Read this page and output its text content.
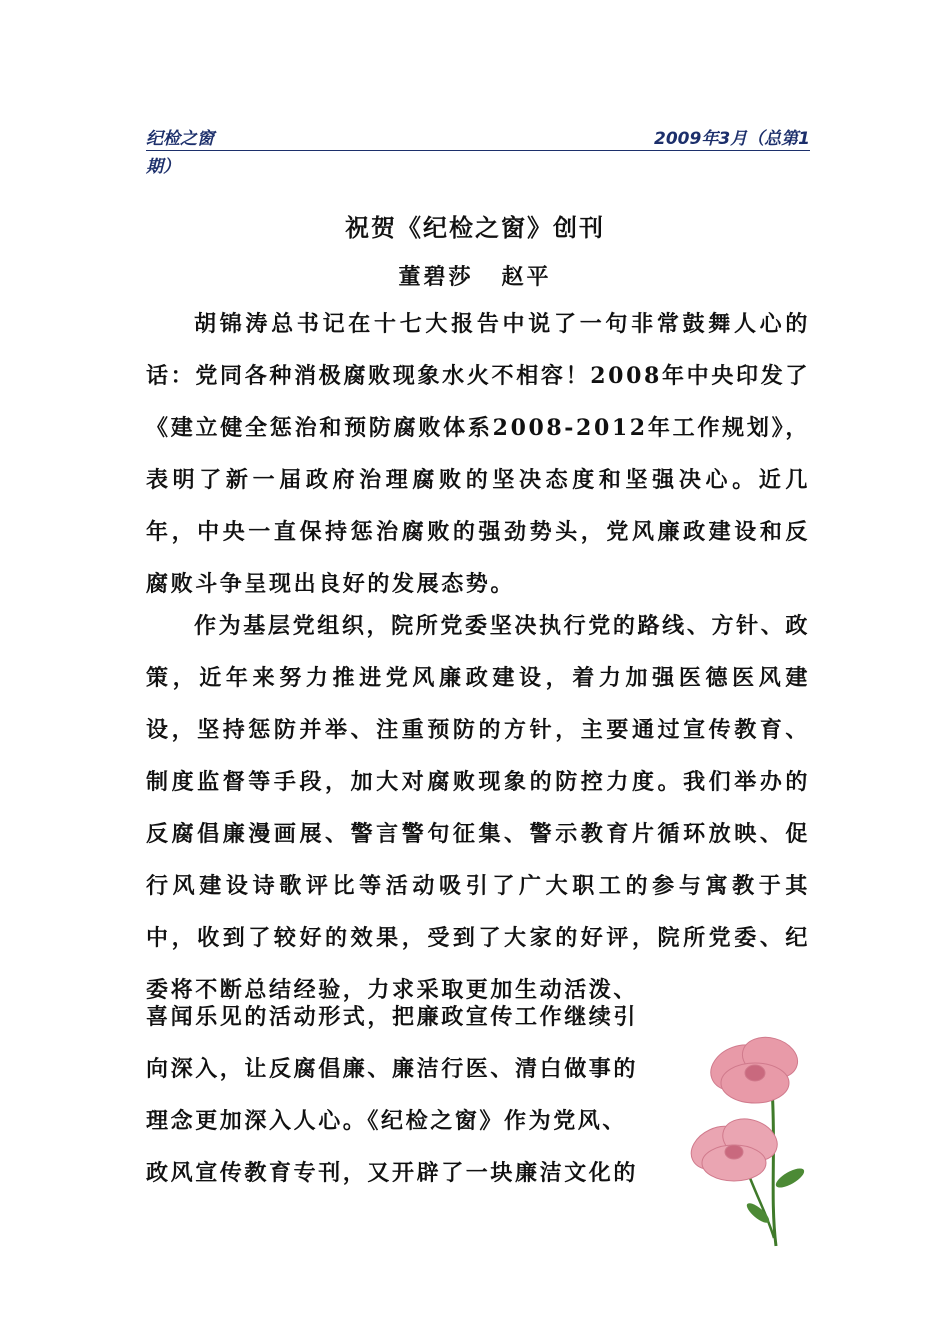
纪检之窗	2009年3月（总第1
期）
祝贺《纪检之窗》创刊
董碧莎 赵平
胡锦涛总书记在十七大报告中说了一句非常鼓舞人心的话：党同各种消极腐败现象水火不相容！2008年中央印发了《建立健全惩治和预防腐败体系2008-2012年工作规划》，表明了新一届政府治理腐败的坚决态度和坚强决心。近几年，中央一直保持惩治腐败的强劲势头，党风廉政建设和反腐败斗争呈现出良好的发展态势。
作为基层党组织，院所党委坚决执行党的路线、方针、政策，近年来努力推进党风廉政建设，着力加强医德医风建设，坚持惩防并举、注重预防的方针，主要通过宣传教育、制度监督等手段，加大对腐败现象的防控力度。我们举办的反腐倡廉漫画展、警言警句征集、警示教育片循环放映、促行风建设诗歌评比等活动吸引了广大职工的参与寓教于其中，收到了较好的效果，受到了大家的好评，院所党委、纪委将不断总结经验，力求采取更加生动活泼、
喜闻乐见的活动形式，把廉政宣传工作继续引
向深入，让反腐倡廉、廉洁行医、清白做事的
理念更加深入人心。《纪检之窗》作为党风、
政风宣传教育专刊，又开辟了一块廉洁文化的
